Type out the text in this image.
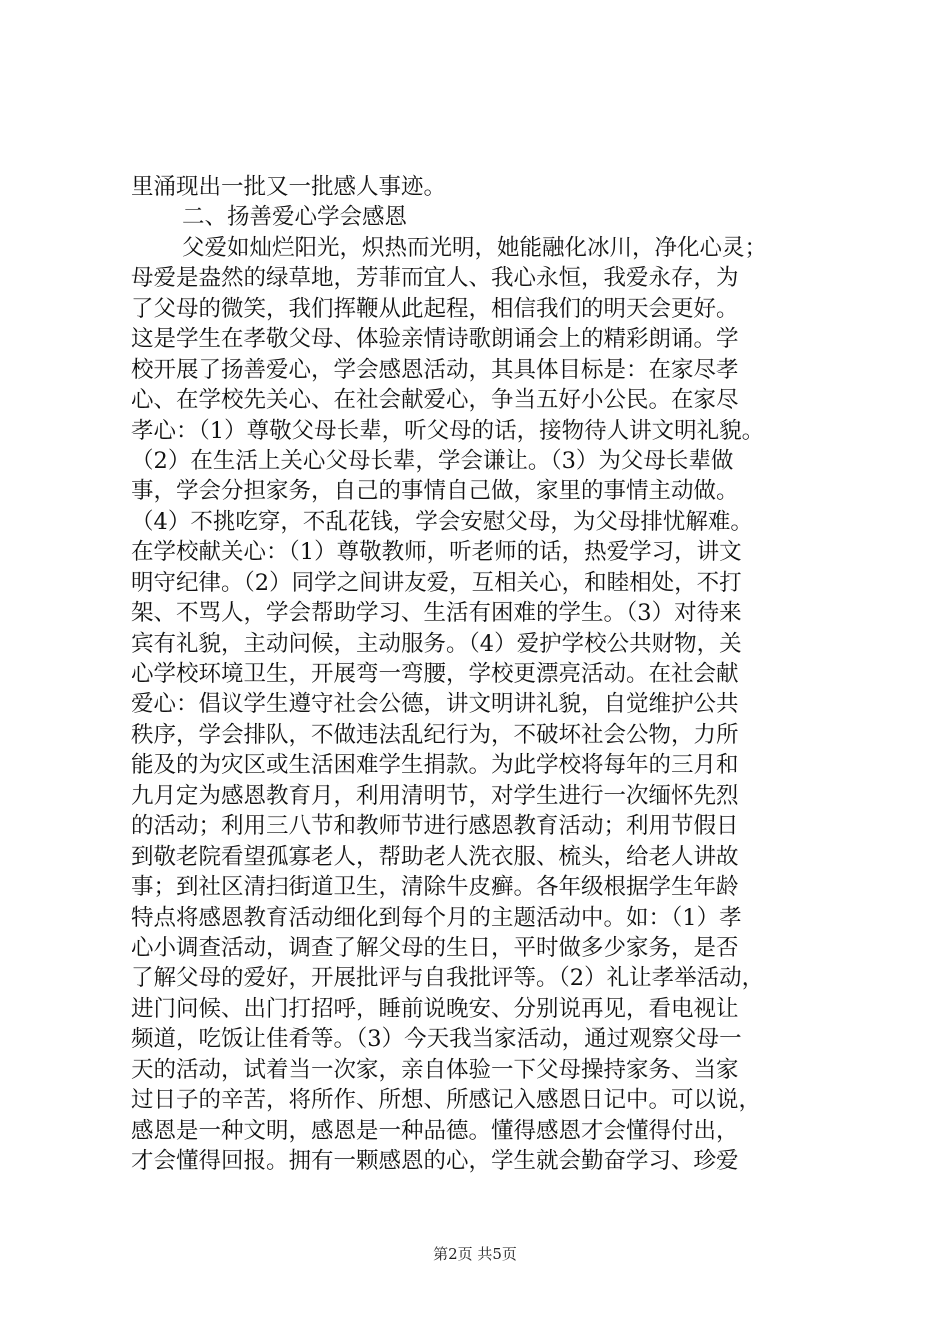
里涌现出一批又一批感人事迹。
二、扬善爱心学会感恩
父爱如灿烂阳光，炽热而光明，她能融化冰川，净化心灵；
母爱是盎然的绿草地，芳菲而宜人、我心永恒，我爱永存，为
了父母的微笑，我们挥鞭从此起程，相信我们的明天会更好。
这是学生在孝敬父母、体验亲情诗歌朗诵会上的精彩朗诵。学
校开展了扬善爱心，学会感恩活动，其具体目标是：在家尽孝
心、在学校先关心、在社会献爱心，争当五好小公民。在家尽
孝心：（1）尊敬父母长辈，听父母的话，接物待人讲文明礼貌。
（2）在生活上关心父母长辈，学会谦让。（3）为父母长辈做
事，学会分担家务，自己的事情自己做，家里的事情主动做。
（4）不挑吃穿，不乱花钱，学会安慰父母，为父母排忧解难。
在学校献关心：（1）尊敬教师，听老师的话，热爱学习，讲文
明守纪律。（2）同学之间讲友爱，互相关心，和睦相处，不打
架、不骂人，学会帮助学习、生活有困难的学生。（3）对待来
宾有礼貌，主动问候，主动服务。（4）爱护学校公共财物，关
心学校环境卫生，开展弯一弯腰，学校更漂亮活动。在社会献
爱心：倡议学生遵守社会公德，讲文明讲礼貌，自觉维护公共
秩序，学会排队，不做违法乱纪行为，不破坏社会公物，力所
能及的为灾区或生活困难学生捐款。为此学校将每年的三月和
九月定为感恩教育月，利用清明节，对学生进行一次缅怀先烈
的活动；利用三八节和教师节进行感恩教育活动；利用节假日
到敬老院看望孤寡老人，帮助老人洗衣服、梳头，给老人讲故
事；到社区清扫街道卫生，清除牛皮癣。各年级根据学生年龄
特点将感恩教育活动细化到每个月的主题活动中。如：（1）孝
心小调查活动，调查了解父母的生日，平时做多少家务，是否
了解父母的爱好，开展批评与自我批评等。（2）礼让孝举活动，
进门问候、出门打招呼，睡前说晚安、分别说再见，看电视让
频道，吃饭让佳肴等。（3）今天我当家活动，通过观察父母一
天的活动，试着当一次家，亲自体验一下父母操持家务、当家
过日子的辛苦，将所作、所想、所感记入感恩日记中。可以说，
感恩是一种文明，感恩是一种品德。懂得感恩才会懂得付出，
才会懂得回报。拥有一颗感恩的心，学生就会勤奋学习、珍爱
第2页 共5页
